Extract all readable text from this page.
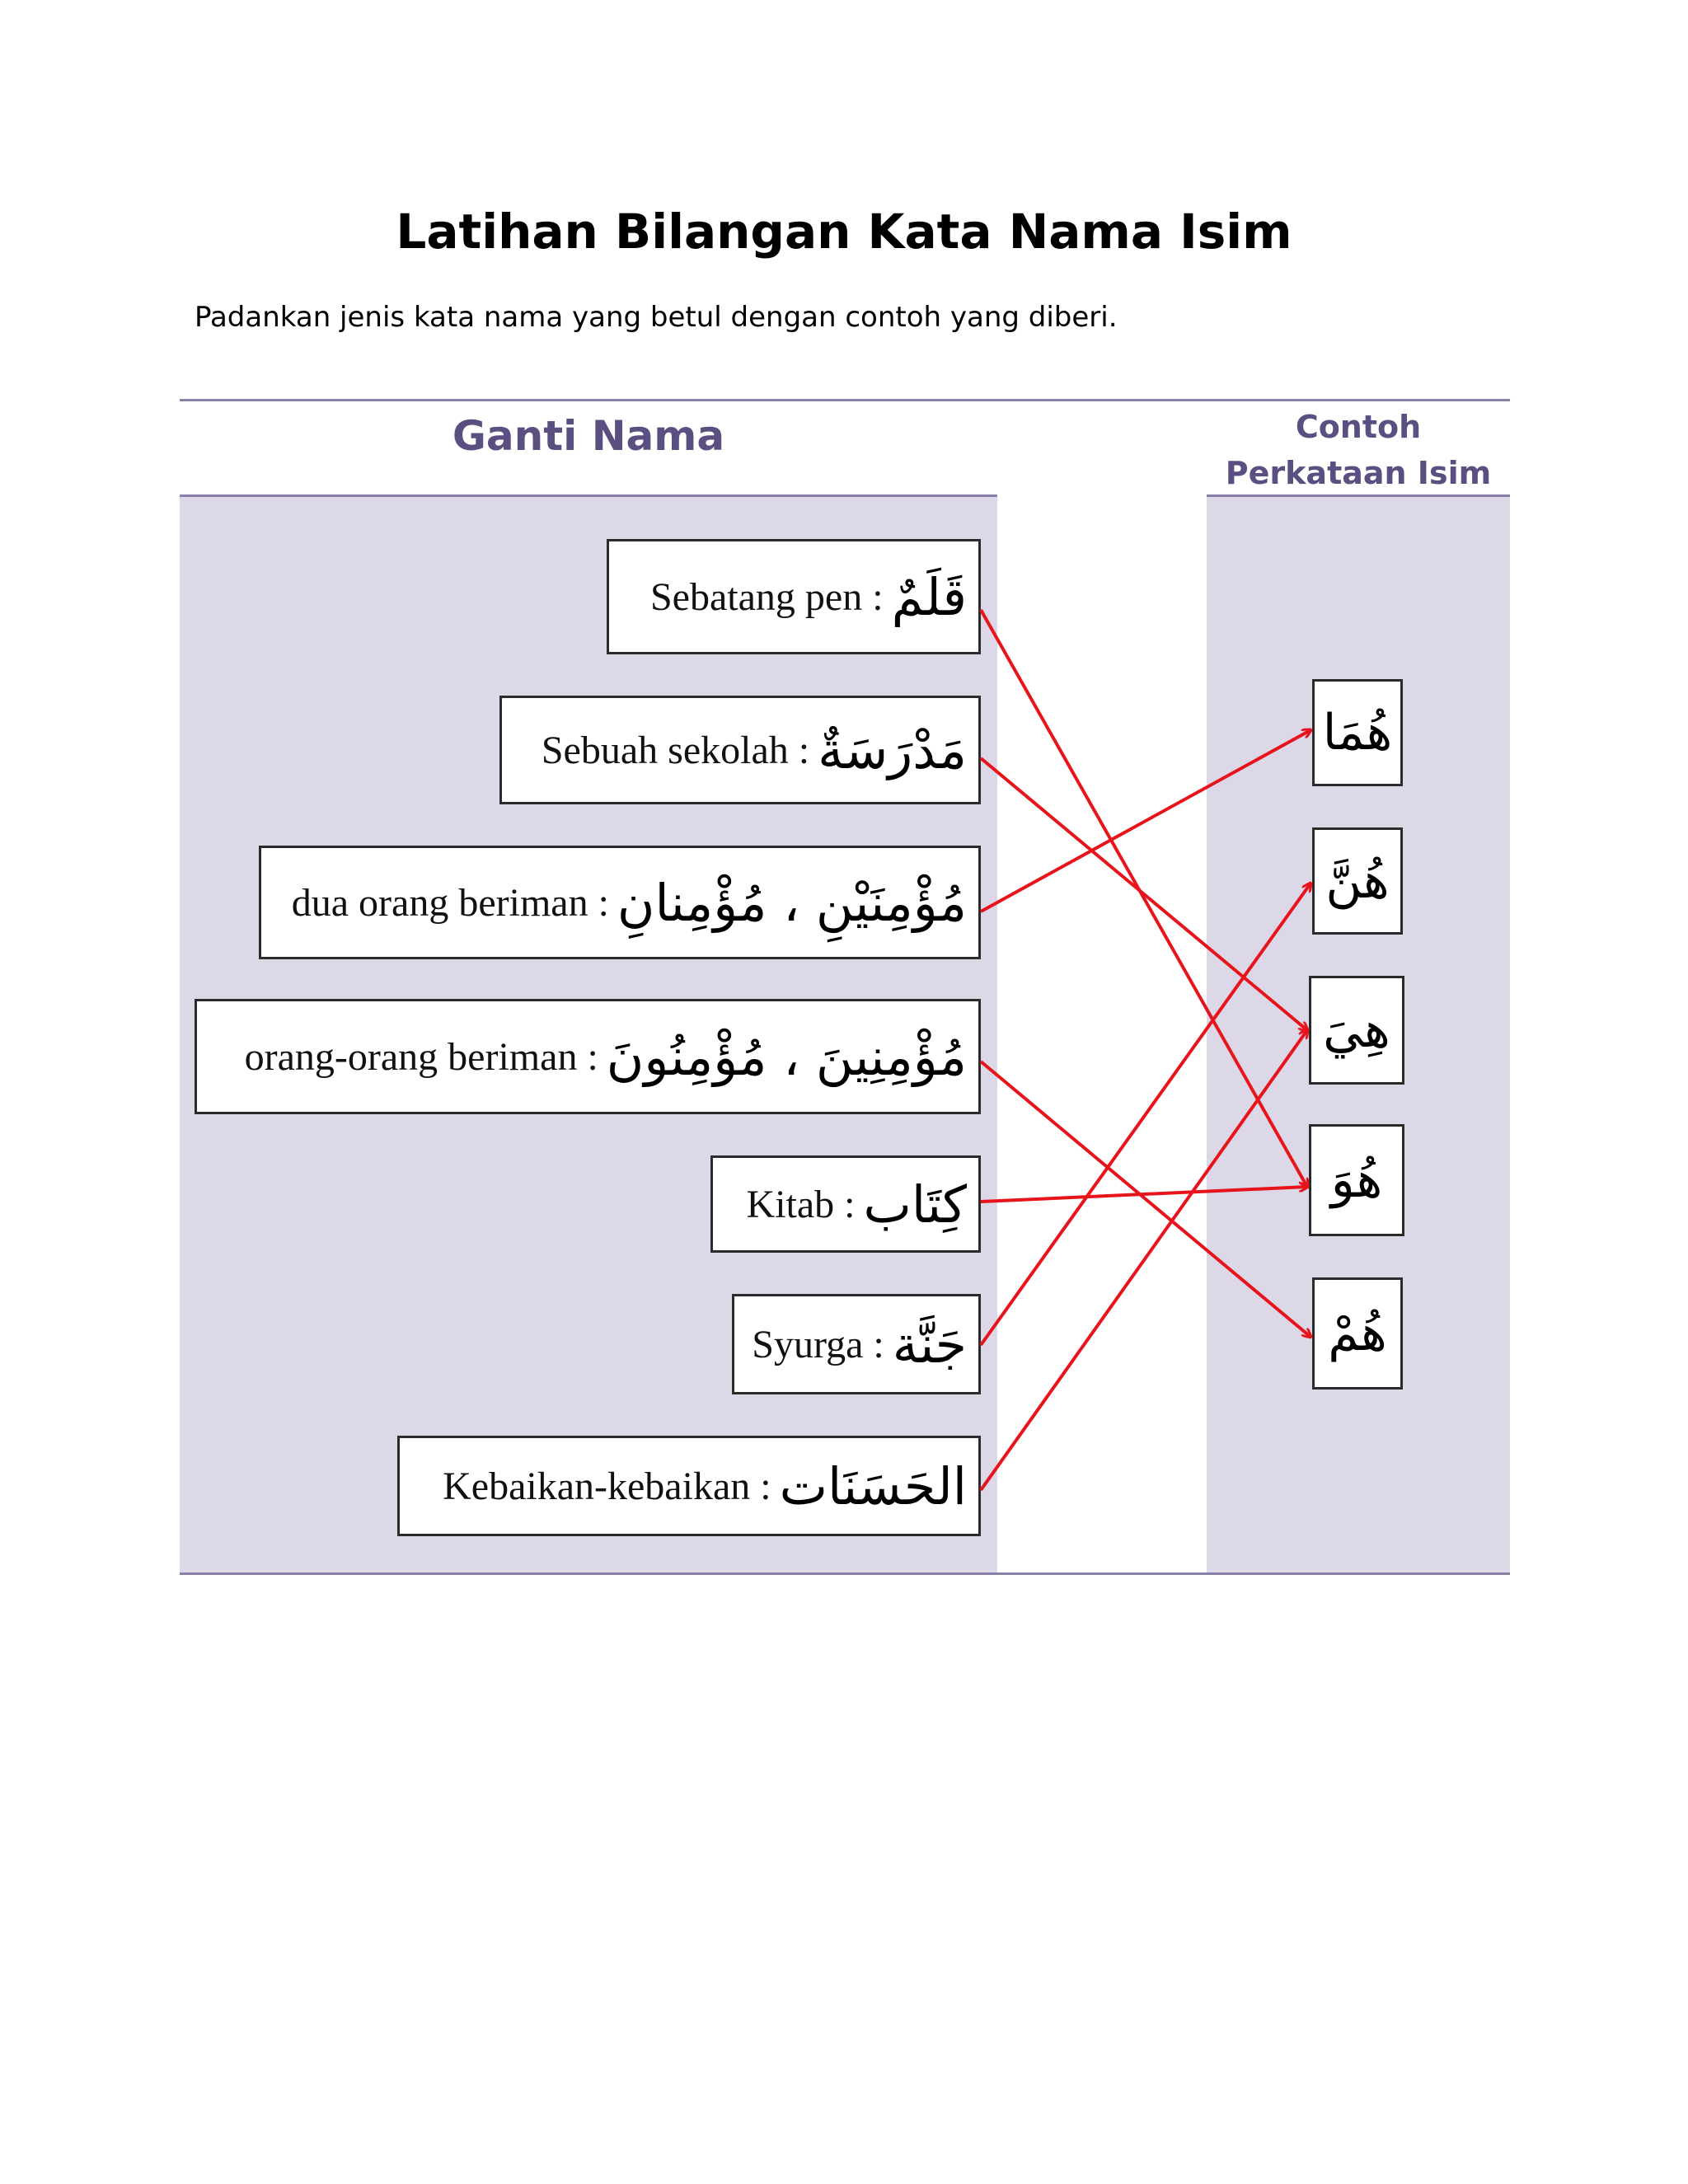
Latihan Bilangan Kata Nama Isim
Padankan jenis kata nama yang betul dengan contoh yang diberi.
Ganti Nama	Contoh
Perkataan Isim
Sebatang pen : قَلَمٌ
Sebuah sekolah : مَدْرَسَةٌ
dua orang beriman : مُؤْمِنَيْنِ ، مُؤْمِنانِ
orang-orang beriman : مُؤْمِنِينَ ، مُؤْمِنُونَ
Kitab : كِتَاب
Syurga : جَنَّة
Kebaikan-kebaikan : الحَسَنَات
هُمَا
هُنَّ
هِيَ
هُوَ
هُمْ
